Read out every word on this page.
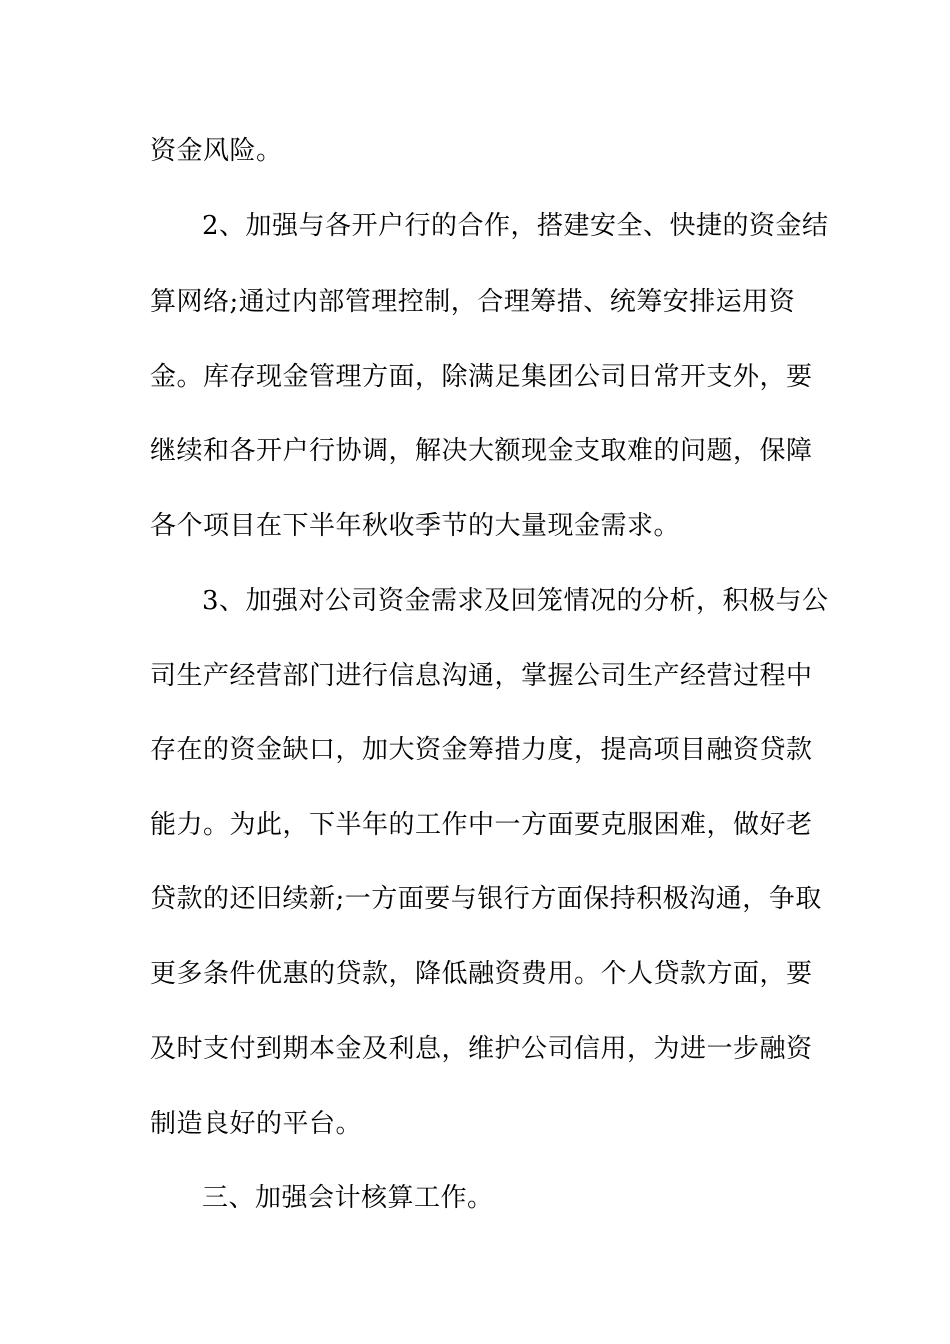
资金风险。
2、加强与各开户行的合作，搭建安全、快捷的资金结
算网络;通过内部管理控制，合理筹措、统筹安排运用资
金。库存现金管理方面，除满足集团公司日常开支外，要
继续和各开户行协调，解决大额现金支取难的问题，保障
各个项目在下半年秋收季节的大量现金需求。
3、加强对公司资金需求及回笼情况的分析，积极与公
司生产经营部门进行信息沟通，掌握公司生产经营过程中
存在的资金缺口，加大资金筹措力度，提高项目融资贷款
能力。为此，下半年的工作中一方面要克服困难，做好老
贷款的还旧续新;一方面要与银行方面保持积极沟通，争取
更多条件优惠的贷款，降低融资费用。个人贷款方面，要
及时支付到期本金及利息，维护公司信用，为进一步融资
制造良好的平台。
三、加强会计核算工作。
